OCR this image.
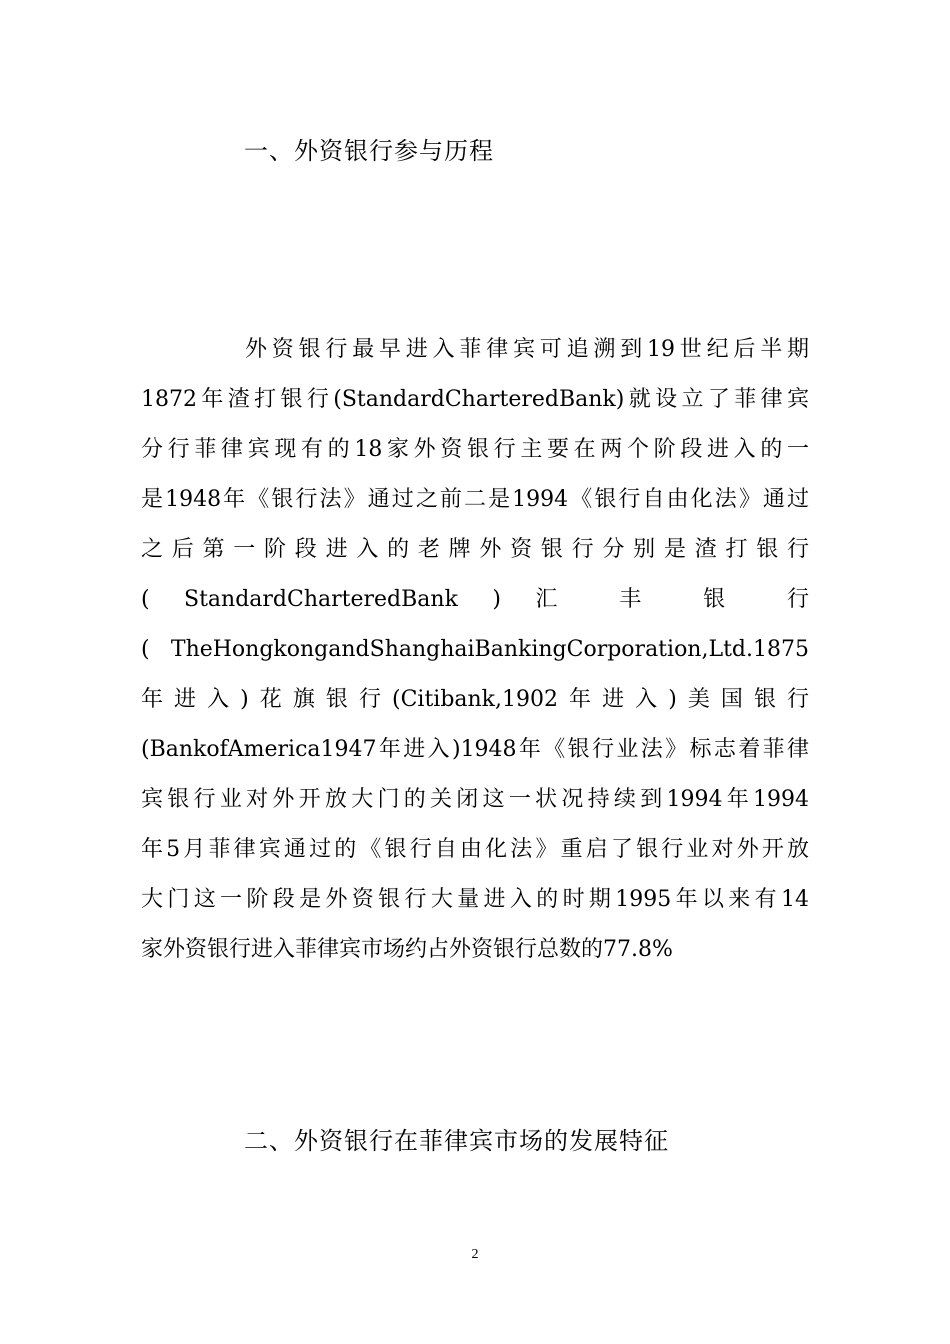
一、外资银行参与历程
外资银行最早进入菲律宾可追溯到19世纪后半期
1872年渣打银行(StandardCharteredBank)就设立了菲律宾
分行菲律宾现有的18家外资银行主要在两个阶段进入的一
是1948年《银行法》通过之前二是1994《银行自由化法》通过
之后第一阶段进入的老牌外资银行分别是渣打银行
( StandardCharteredBank ) 汇 丰 银 行
( TheHongkongandShanghaiBankingCorporation,Ltd.1875
年进入)花旗银行(Citibank,1902年进入)美国银行
(BankofAmerica1947年进入)1948年《银行业法》标志着菲律
宾银行业对外开放大门的关闭这一状况持续到1994年1994
年5月菲律宾通过的《银行自由化法》重启了银行业对外开放
大门这一阶段是外资银行大量进入的时期1995年以来有14
家外资银行进入菲律宾市场约占外资银行总数的77.8%
二、外资银行在菲律宾市场的发展特征
2
